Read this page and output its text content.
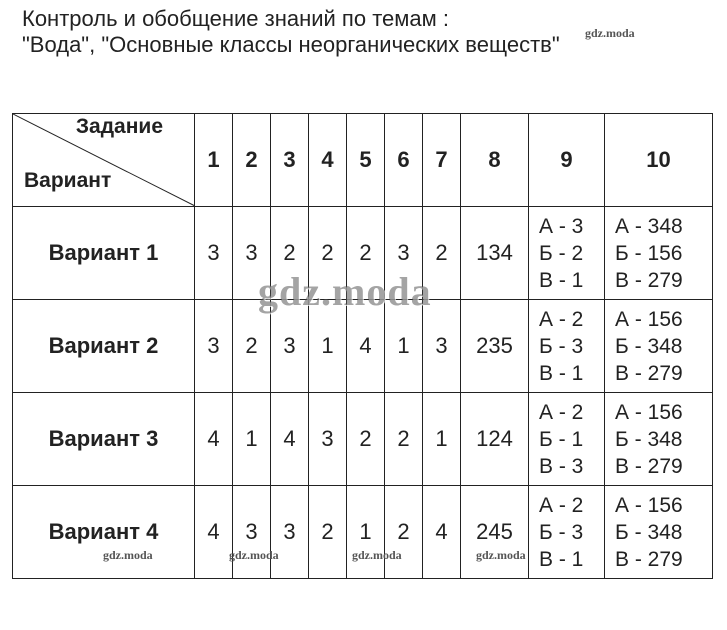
Контроль и обобщение знаний по темам :
"Вода", "Основные классы неорганических веществ" gdz.moda
Задание
Вариант	1	2	3	4	5	6	7	8	9	10
Вариант 1	3	3	2	2	2	3	2	134	А - 3
Б - 2
В - 1	А - 348
Б - 156
В - 279

Вариант 2	3	2	3	1	4	1	3	235	А - 2
Б - 3
В - 1	А - 156
Б - 348
В - 279

Вариант 3	4	1	4	3	2	2	1	124	А - 2
Б - 1
В - 3	А - 156
Б - 348
В - 279

Вариант 4	4	3	3	2	1	2	4	245	А - 2
Б - 3
В - 1	А - 156
Б - 348
В - 279
gdz.moda
gdz.moda	gdz.moda	gdz.moda	gdz.moda
